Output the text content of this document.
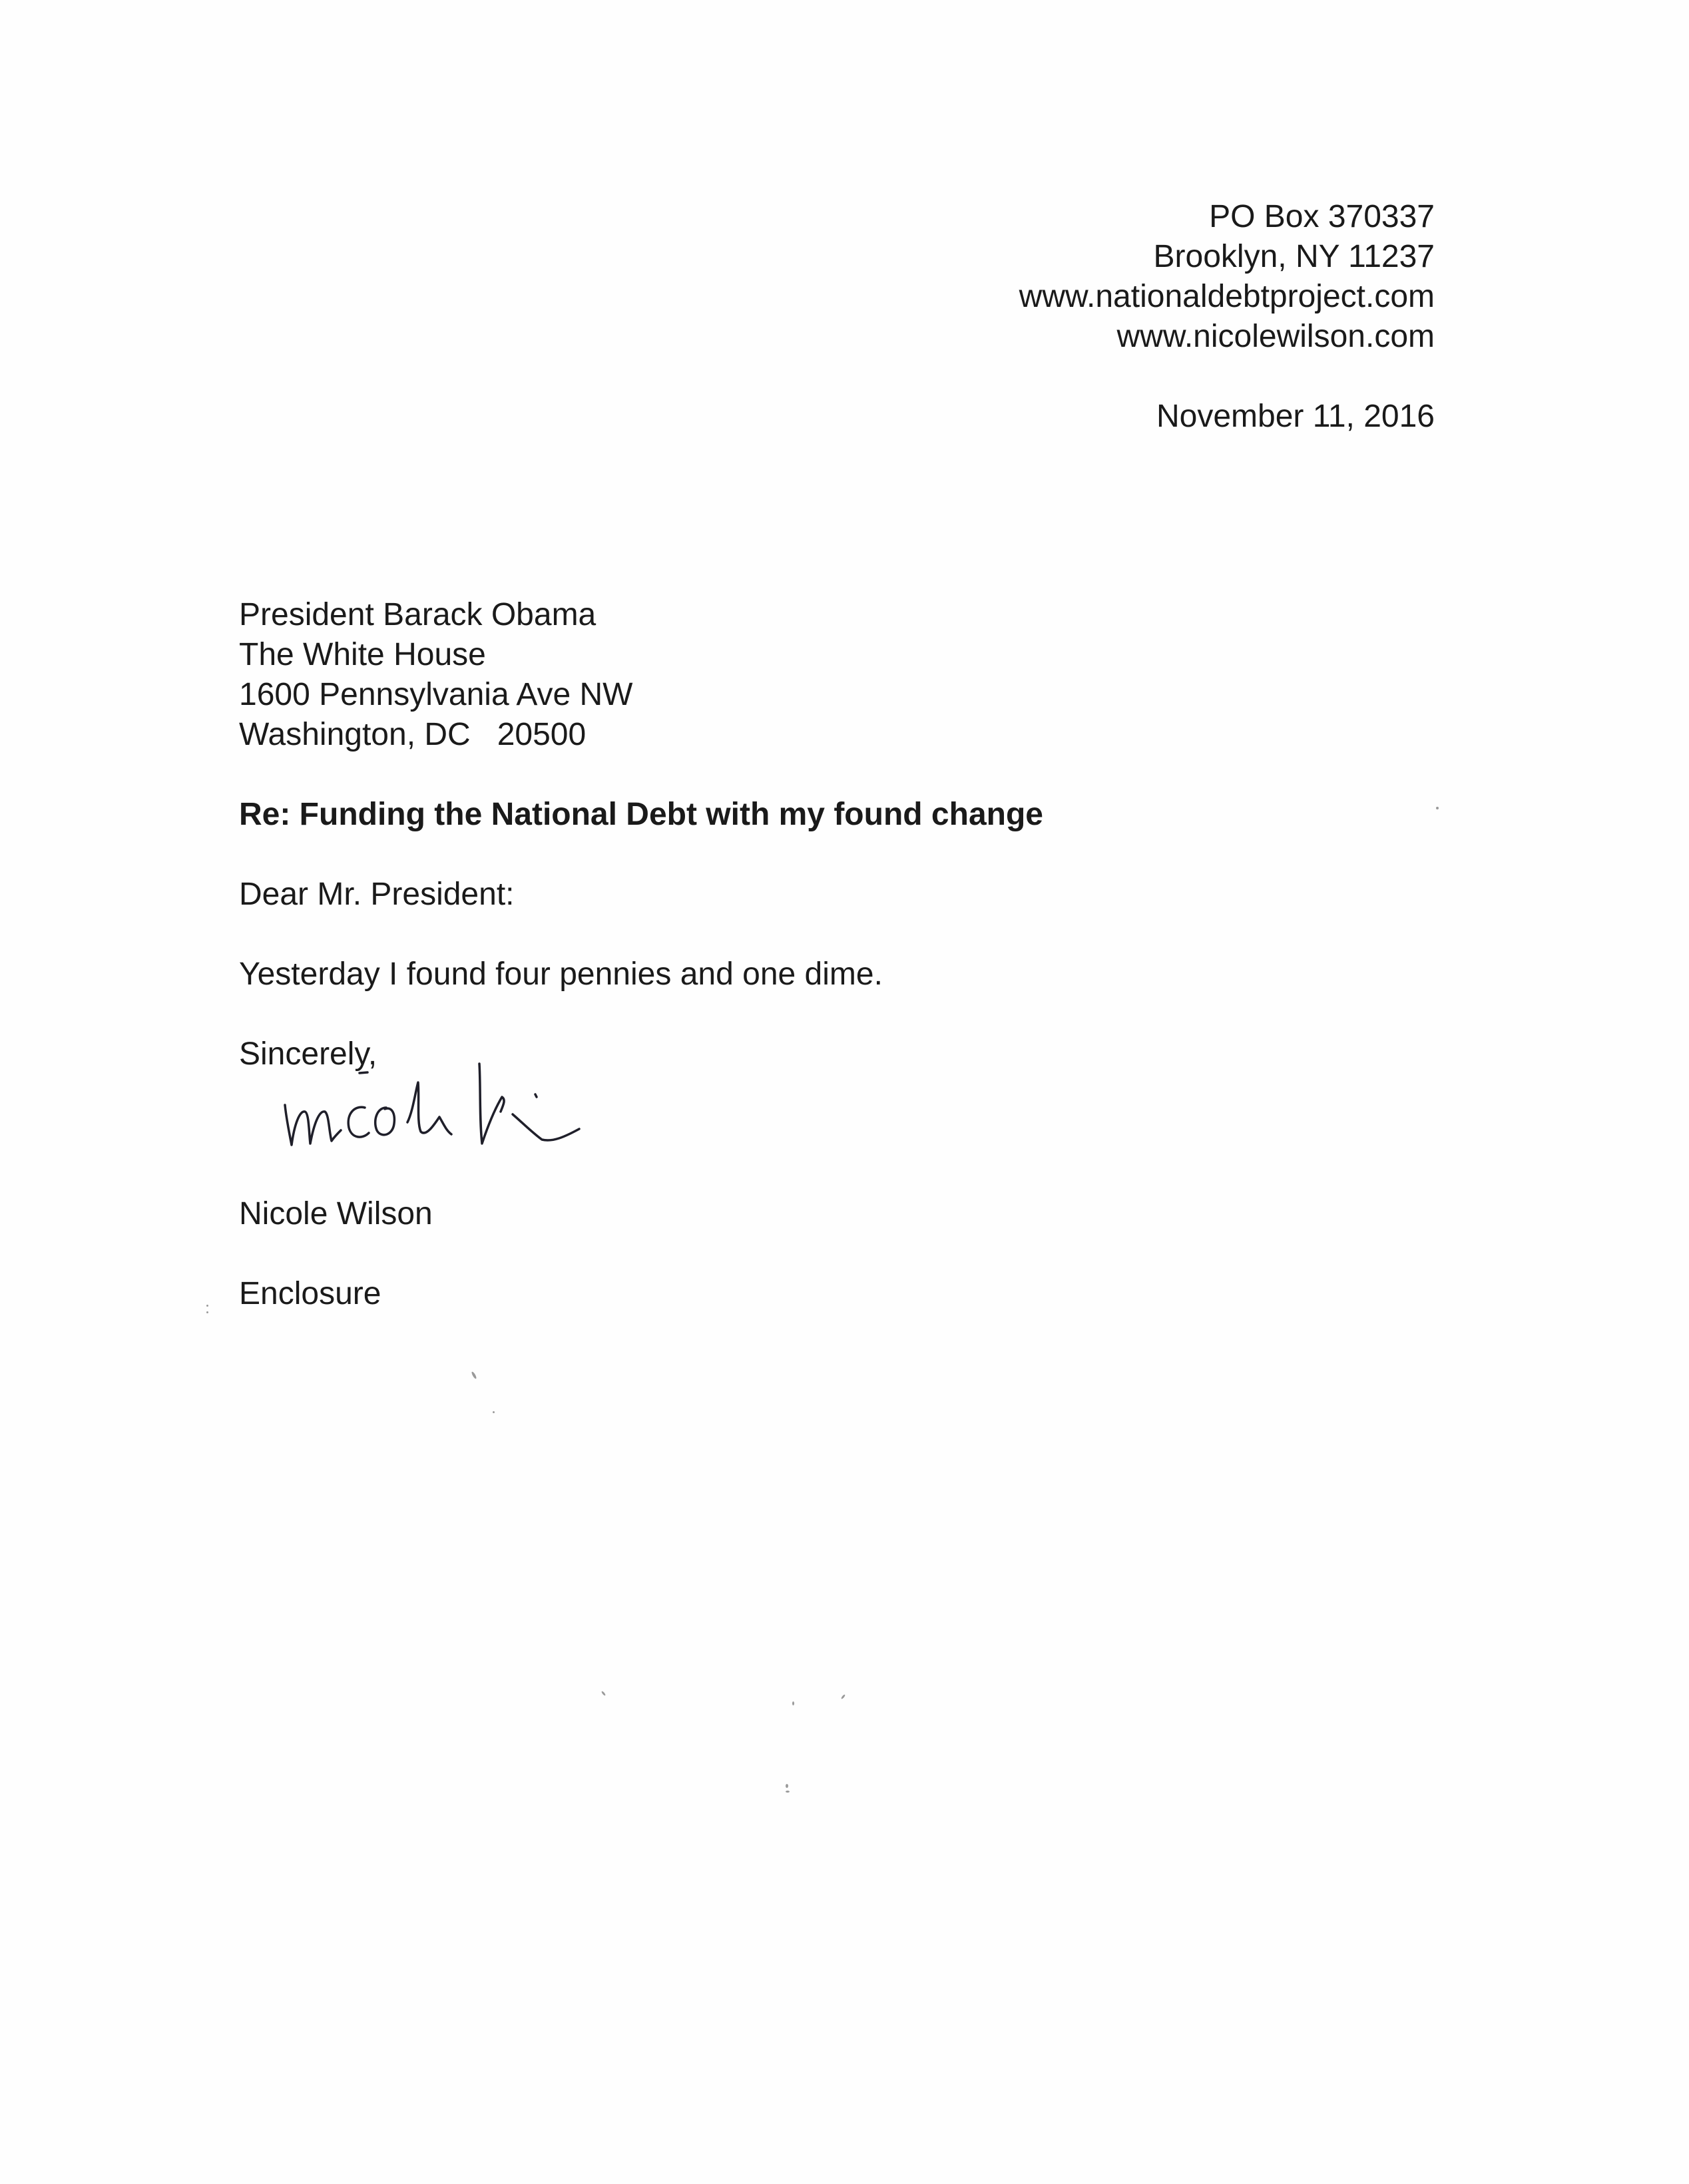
PO Box 370337
Brooklyn, NY 11237
www.nationaldebtproject.com
www.nicolewilson.com
November 11, 2016
President Barack Obama
The White House
1600 Pennsylvania Ave NW
Washington, DC   20500
Re: Funding the National Debt with my found change
Dear Mr. President:
Yesterday I found four pennies and one dime.
Sincerely,
Nicole Wilson
Enclosure
